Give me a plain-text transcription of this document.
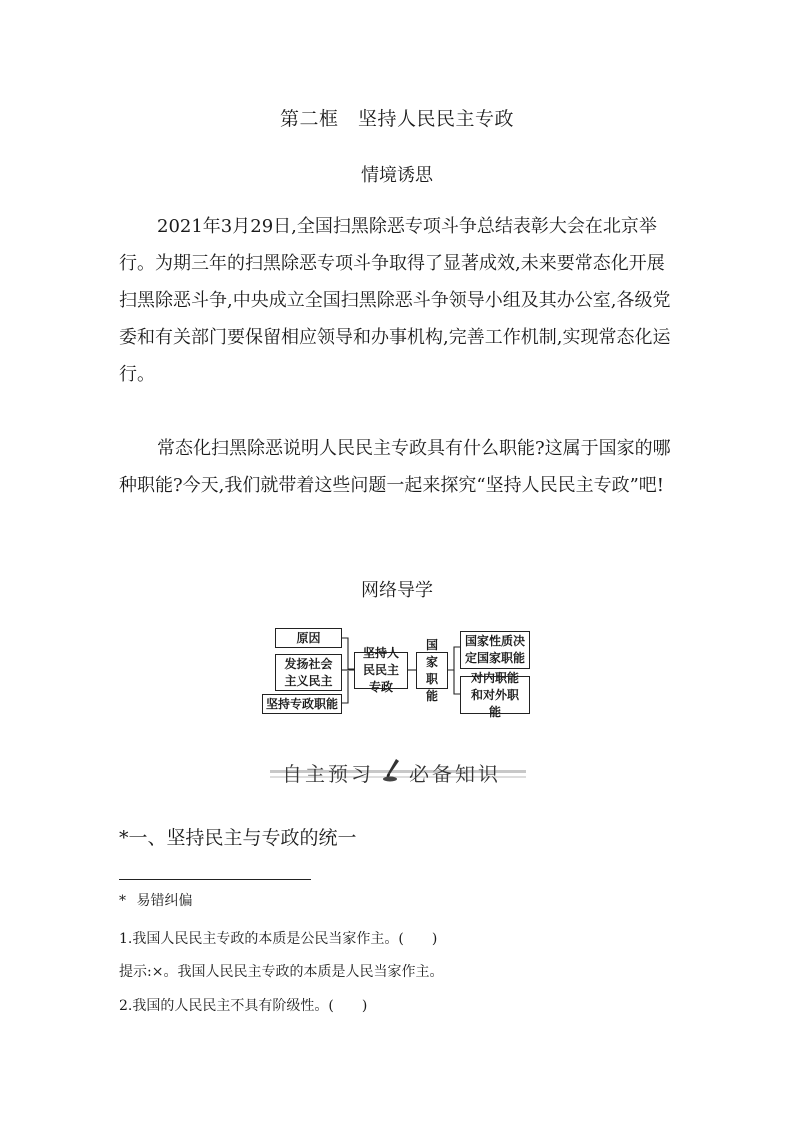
第二框　坚持人民民主专政
情境诱思

2021年3月29日,全国扫黑除恶专项斗争总结表彰大会在北京举行。为期三年的扫黑除恶专项斗争取得了显著成效,未来要常态化开展扫黑除恶斗争,中央成立全国扫黑除恶斗争领导小组及其办公室,各级党委和有关部门要保留相应领导和办事机构,完善工作机制,实现常态化运行。

常态化扫黑除恶说明人民民主专政具有什么职能?这属于国家的哪种职能?今天,我们就带着这些问题一起来探究“坚持人民民主专政”吧!

网络导学
原因
发扬社会主义民主
坚持专政职能
坚持人民民主专政
国家职能
国家性质决定国家职能
对内职能和对外职能
自主预习 必备知识
*一、坚持民主与专政的统一
* 易错纠偏
1.我国人民民主专政的本质是公民当家作主。(　　)
提示:×。我国人民民主专政的本质是人民当家作主。
2.我国的人民民主不具有阶级性。(　　)
